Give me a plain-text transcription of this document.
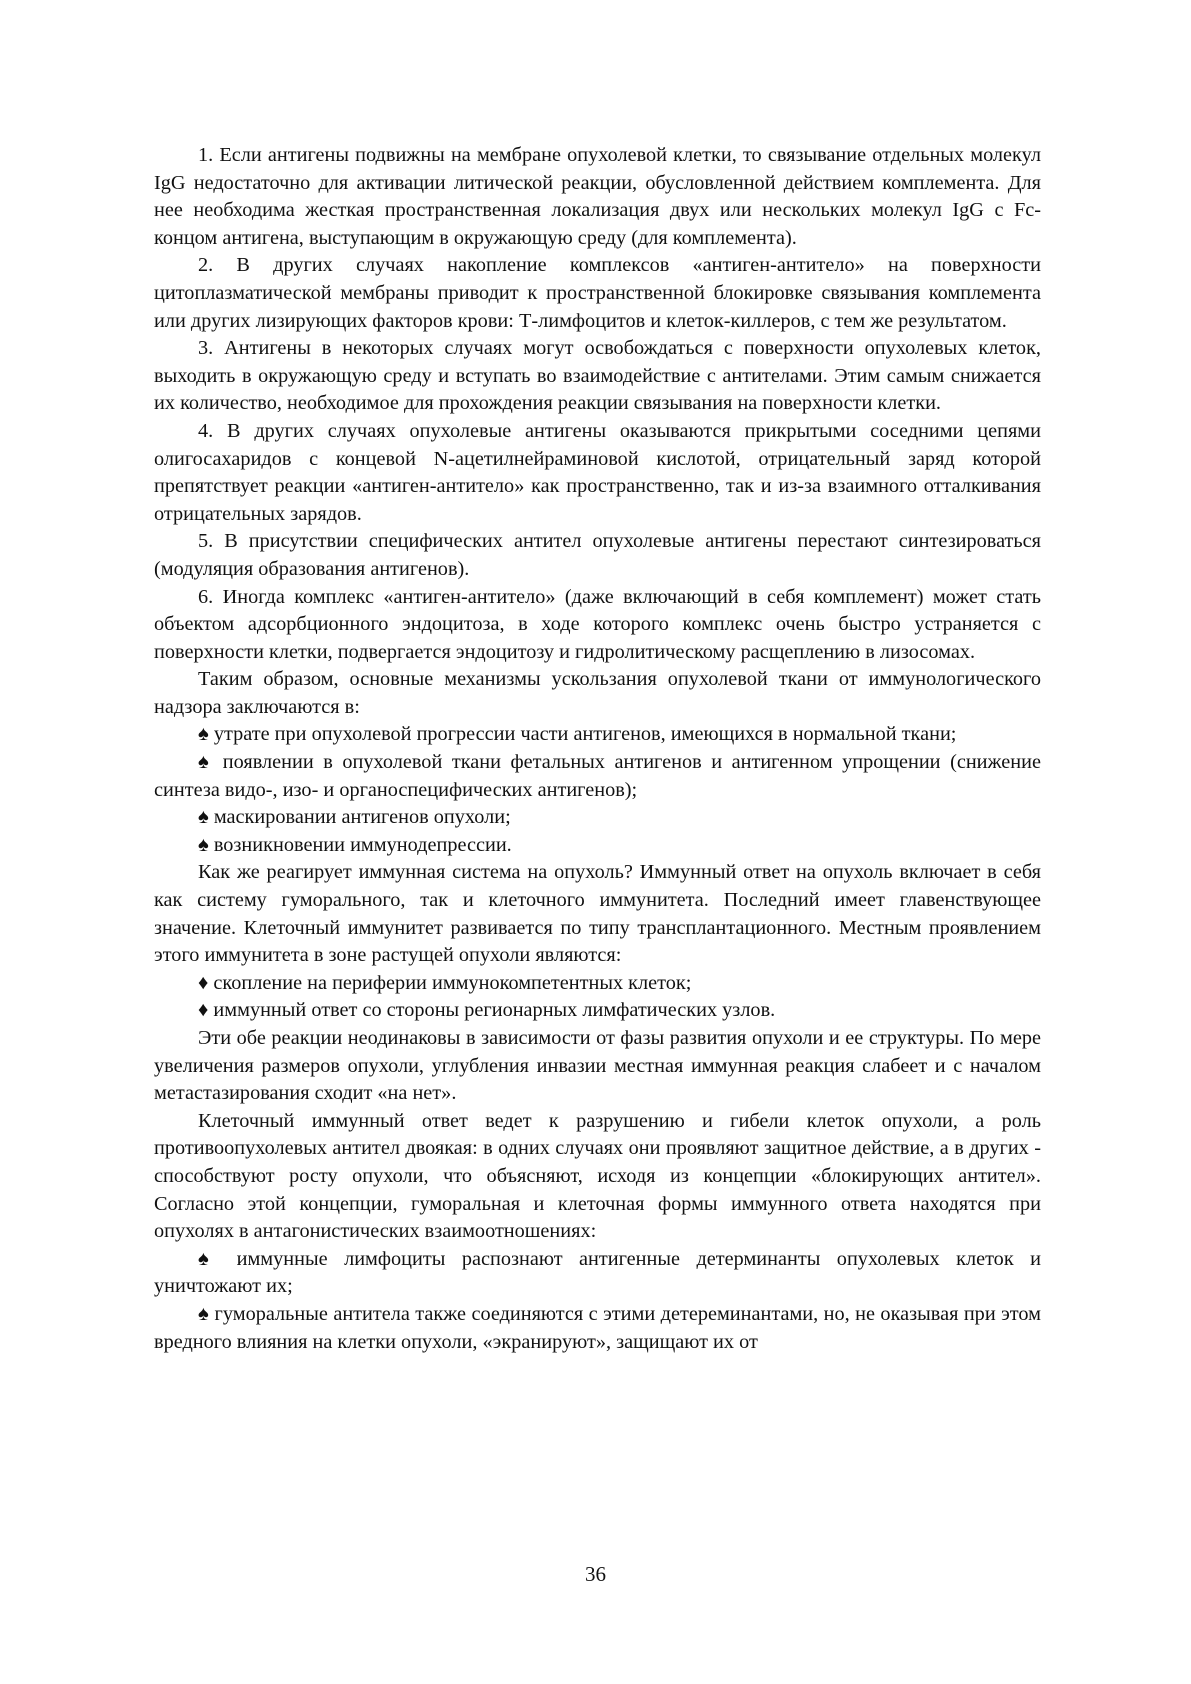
1. Если антигены подвижны на мембране опухолевой клетки, то связывание отдельных молекул IgG недостаточно для активации литической реакции, обусловленной действием комплемента. Для нее необходима жесткая пространственная локализация двух или нескольких молекул IgG с Fc-концом антигена, выступающим в окружающую среду (для комплемента).

2. В других случаях накопление комплексов «антиген-антитело» на поверхности цитоплазматической мембраны приводит к пространственной блокировке связывания комплемента или других лизирующих факторов крови: Т-лимфоцитов и клеток-киллеров, с тем же результатом.

3. Антигены в некоторых случаях могут освобождаться с поверхности опухолевых клеток, выходить в окружающую среду и вступать во взаимодействие с антителами. Этим самым снижается их количество, необходимое для прохождения реакции связывания на поверхности клетки.

4. В других случаях опухолевые антигены оказываются прикрытыми соседними цепями олигосахаридов с концевой N-ацетилнейраминовой кислотой, отрицательный заряд которой препятствует реакции «антиген-антитело» как пространственно, так и из-за взаимного отталкивания отрицательных зарядов.

5. В присутствии специфических антител опухолевые антигены перестают синтезироваться (модуляция образования антигенов).

6. Иногда комплекс «антиген-антитело» (даже включающий в себя комплемент) может стать объектом адсорбционного эндоцитоза, в ходе которого комплекс очень быстро устраняется с поверхности клетки, подвергается эндоцитозу и гидролитическому расщеплению в лизосомах.

Таким образом, основные механизмы ускользания опухолевой ткани от иммунологического надзора заключаются в:

♠ утрате при опухолевой прогрессии части антигенов, имеющихся в нормальной ткани;

♠ появлении в опухолевой ткани фетальных антигенов и антигенном упрощении (снижение синтеза видо-, изо- и органоспецифических антигенов);

♠ маскировании антигенов опухоли;

♠ возникновении иммунодепрессии.

Как же реагирует иммунная система на опухоль? Иммунный ответ на опухоль включает в себя как систему гуморального, так и клеточного иммунитета. Последний имеет главенствующее значение. Клеточный иммунитет развивается по типу трансплантационного. Местным проявлением этого иммунитета в зоне растущей опухоли являются:

♦ скопление на периферии иммунокомпетентных клеток;

♦ иммунный ответ со стороны регионарных лимфатических узлов.

Эти обе реакции неодинаковы в зависимости от фазы развития опухоли и ее структуры. По мере увеличения размеров опухоли, углубления инвазии местная иммунная реакция слабеет и с началом метастазирования сходит «на нет».

Клеточный иммунный ответ ведет к разрушению и гибели клеток опухоли, а роль противоопухолевых антител двоякая: в одних случаях они проявляют защитное действие, а в других - способствуют росту опухоли, что объясняют, исходя из концепции «блокирующих антител». Согласно этой концепции, гуморальная и клеточная формы иммунного ответа находятся при опухолях в антагонистических взаимоотношениях:

♠ иммунные лимфоциты распознают антигенные детерминанты опухолевых клеток и уничтожают их;

♠ гуморальные антитела также соединяются с этими детереминантами, но, не оказывая при этом вредного влияния на клетки опухоли, «экранируют», защищают их от

36
